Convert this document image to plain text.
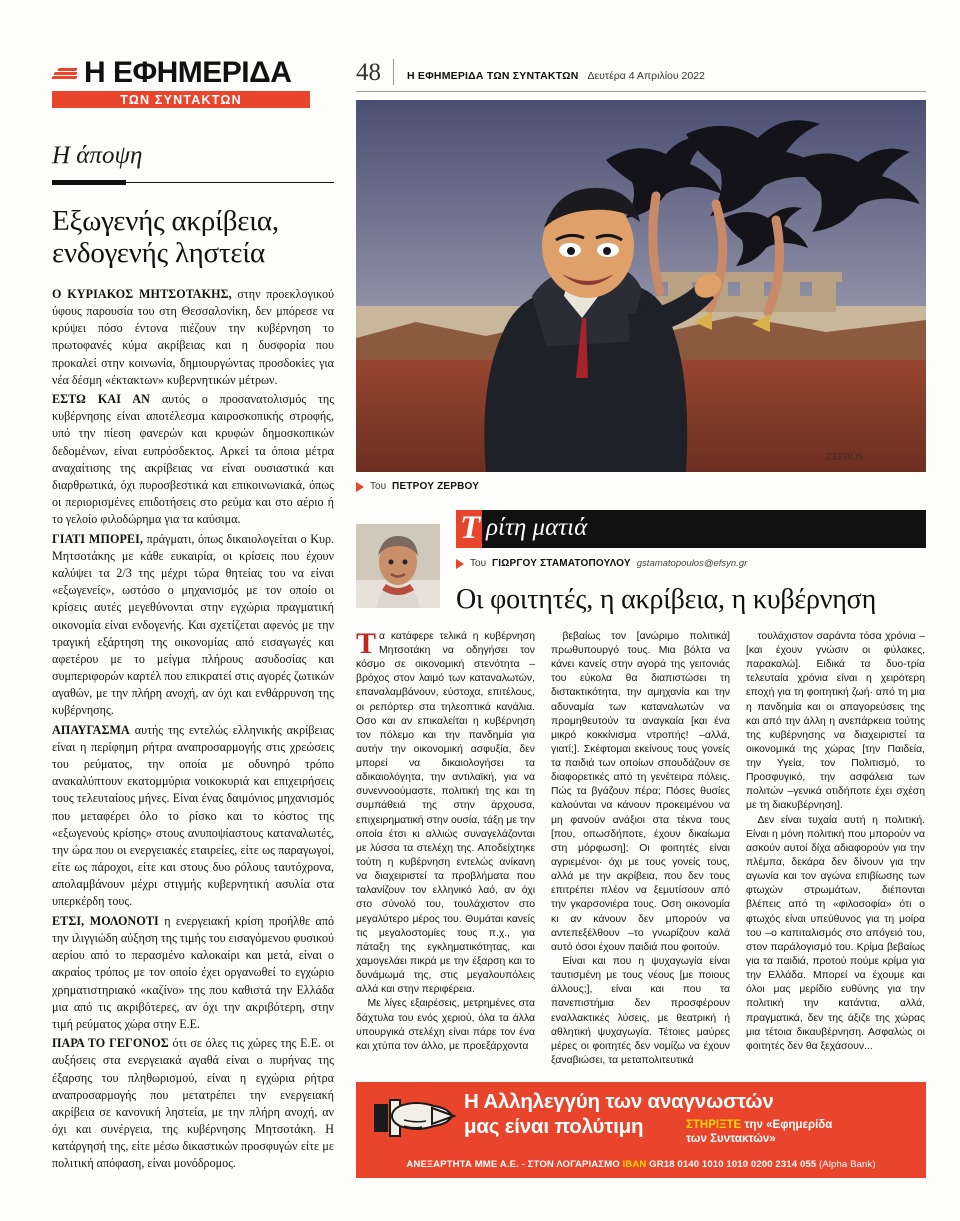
Η ΕΦΗΜΕΡΙΔΑ
ΤΩΝ ΣΥΝΤΑΚΤΩΝ
Η άποψη
Εξωγενής ακρίβεια,
ενδογενής ληστεία

Ο ΚΥΡΙΑΚΟΣ ΜΗΤΣΟΤΑΚΗΣ, στην προεκλογικού ύφους παρουσία του στη Θεσσαλονίκη, δεν μπόρεσε να κρύψει πόσο έντονα πιέζουν την κυβέρνηση το πρωτοφανές κύμα ακρίβειας και η δυσφορία που προκαλεί στην κοινωνία, δημιουργώντας προσδοκίες για νέα δέσμη «έκτακτων» κυβερνητικών μέτρων.

ΕΣΤΩ ΚΑΙ ΑΝ αυτός ο προσανατολισμός της κυβέρνησης είναι αποτέλεσμα καιροσκοπικής στροφής, υπό την πίεση φανερών και κρυφών δημοσκοπικών δεδομένων, είναι ευπρόσδεκτος. Αρκεί τα όποια μέτρα αναχαίτισης της ακρίβειας να είναι ουσιαστικά και διαρθρωτικά, όχι πυροσβεστικά και επικοινωνιακά, όπως οι περιορισμένες επιδοτήσεις στο ρεύμα και στο αέριο ή το γελοίο φιλοδώρημα για τα καύσιμα.

ΓΙΑΤΙ ΜΠΟΡΕΙ, πράγματι, όπως δικαιολογείται ο Κυρ. Μητσοτάκης με κάθε ευκαιρία, οι κρίσεις που έχουν καλύψει τα 2/3 της μέχρι τώρα θητείας του να είναι «εξωγενείς», ωστόσο ο μηχανισμός με τον οποίο οι κρίσεις αυτές μεγεθύνονται στην εγχώρια πραγματική οικονομία είναι ενδογενής. Και σχετίζεται αφενός με την τραγική εξάρτηση της οικονομίας από εισαγωγές και αφετέρου με το μείγμα πλήρους ασυδοσίας και συμπεριφορών καρτέλ που επικρατεί στις αγορές ζωτικών αγαθών, με την πλήρη ανοχή, αν όχι και ενθάρρυνση της κυβέρνησης.

ΑΠΑΥΓΑΣΜΑ αυτής της εντελώς ελληνικής ακρίβειας είναι η περίφημη ρήτρα αναπροσαρμογής στις χρεώσεις του ρεύματος, την οποία με οδυνηρό τρόπο ανακαλύπτουν εκατομμύρια νοικοκυριά και επιχειρήσεις τους τελευταίους μήνες. Είναι ένας δαιμόνιος μηχανισμός που μεταφέρει όλο το ρίσκο και το κόστος της «εξωγενούς κρίσης» στους ανυποψίαστους καταναλωτές, την ώρα που οι ενεργειακές εταιρείες, είτε ως παραγωγοί, είτε ως πάροχοι, είτε και στους δυο ρόλους ταυτόχρονα, απολαμβάνουν μέχρι στιγμής κυβερνητική ασυλία στα υπερκέρδη τους.

ΕΤΣΙ, ΜΟΛΟΝΟΤΙ η ενεργειακή κρίση προήλθε από την ιλιγγιώδη αύξηση της τιμής του εισαγόμενου φυσικού αερίου από το περασμένο καλοκαίρι και μετά, είναι ο ακραίος τρόπος με τον οποίο έχει οργανωθεί το εγχώριο χρηματιστηριακό «καζίνο» της που καθιστά την Ελλάδα μια από τις ακριβότερες, αν όχι την ακριβότερη, στην τιμή ρεύματος χώρα στην Ε.Ε.

ΠΑΡΑ ΤΟ ΓΕΓΟΝΟΣ ότι σε όλες τις χώρες της Ε.Ε. οι αυξήσεις στα ενεργειακά αγαθά είναι ο πυρήνας της έξαρσης του πληθωρισμού, είναι η εγχώρια ρήτρα αναπροσαρμογής που μετατρέπει την ενεργειακή ακρίβεια σε κανονική ληστεία, με την πλήρη ανοχή, αν όχι και συνέργεια, της κυβέρνησης Μητσοτάκη. Η κατάργησή της, είτε μέσω δικαστικών προσφυγών είτε με πολιτική απόφαση, είναι μονόδρομος.

48	Η ΕΦΗΜΕΡΙΔΑ ΤΩΝ ΣΥΝΤΑΚΤΩΝ Δευτέρα 4 Απριλίου 2022
ZEPBOS
Του ΠΕΤΡΟΥ ΖΕΡΒΟΥ
Τ ρίτη ματιά
Του ΓΙΩΡΓΟΥ ΣΤΑΜΑΤΟΠΟΥΛΟΥ gstamatopoulos@efsyn.gr
Οι φοιτητές, η ακρίβεια, η κυβέρνηση

Τα κατάφερε τελικά η κυβέρνηση Μητσοτάκη να οδηγήσει τον κόσμο σε οικονομική στενότητα –βρόχος στον λαιμό των καταναλωτών, επαναλαμβάνουν, εύστοχα, επιτέλους, οι ρεπόρτερ στα τηλεοπτικά κανάλια. Οσο και αν επικαλείται η κυβέρνηση τον πόλεμο και την πανδημία για αυτήν την οικονομική ασφυξία, δεν μπορεί να δικαιολογήσει τα αδικαιολόγητα, την αντιλαϊκή, για να συνεννοούμαστε, πολιτική της και τη συμπάθειά της στην άρχουσα, επιχειρηματική στην ουσία, τάξη με την οποία έτσι κι αλλιώς συναγελάζονται με λύσσα τα στελέχη της. Αποδείχτηκε τούτη η κυβέρνηση εντελώς ανίκανη να διαχειριστεί τα προβλήματα που ταλανίζουν τον ελληνικό λαό, αν όχι στο σύνολό του, τουλάχιστον στο μεγαλύτερο μέρος του. Θυμάται κανείς τις μεγαλοστομίες τους π.χ., για πάταξη της εγκληματικότητας, και χαμογελάει πικρά με την έξαρση και το δυνάμωμά της, στις μεγαλουπόλεις αλλά και στην περιφέρεια.

Με λίγες εξαιρέσεις, μετρημένες στα δάχτυλα του ενός χεριού, όλα τα άλλα υπουργικά στελέχη είναι πάρε τον ένα και χτύπα τον άλλο, με προεξάρχοντα

βεβαίως τον [ανώριμο πολιτικά] πρωθυπουργό τους. Μια βόλτα να κάνει κανείς στην αγορά της γειτονιάς του εύκολα θα διαπιστώσει τη διστακτικότητα, την αμηχανία και την αδυναμία των καταναλωτών να προμηθευτούν τα αναγκαία [και ένα μικρό κοκκίνισμα ντροπής! –αλλά, γιατί;]. Σκέφτομαι εκείνους τους γονείς τα παιδιά των οποίων σπουδάζουν σε διαφορετικές από τη γενέτειρα πόλεις. Πώς τα βγάζουν πέρα; Πόσες θυσίες καλούνται να κάνουν προκειμένου να μη φανούν ανάξιοι στα τέκνα τους [που, οπωσδήποτε, έχουν δικαίωμα στη μόρφωση]; Οι φοιτητές είναι αγριεμένοι· όχι με τους γονείς τους, αλλά με την ακρίβεια, που δεν τους επιτρέπει πλέον να ξεμυτίσουν από την γκαρσονιέρα τους. Οση οικονομία κι αν κάνουν δεν μπορούν να αντεπεξέλθουν –το γνωρίζουν καλά αυτό όσοι έχουν παιδιά που φοιτούν.

Είναι και που η ψυχαγωγία είναι ταυτισμένη με τους νέους [με ποιους άλλους;], είναι και που τα πανεπιστήμια δεν προσφέρουν εναλλακτικές λύσεις, με θεατρική ή αθλητική ψυχαγωγία. Τέτοιες μαύρες μέρες οι φοιτητές δεν νομίζω να έχουν ξαναβιώσει, τα μεταπολιτευτικά

τουλάχιστον σαράντα τόσα χρόνια –[και έχουν γνώσιν οι φύλακες, παρακαλώ]. Ειδικά τα δυο-τρία τελευταία χρόνια είναι η χειρότερη εποχή για τη φοιτητική ζωή· από τη μια η πανδημία και οι απαγορεύσεις της και από την άλλη η ανεπάρκεια τούτης της κυβέρνησης να διαχειριστεί τα οικονομικά της χώρας [την Παιδεία, την Υγεία, τον Πολιτισμό, το Προσφυγικό, την ασφάλεια των πολιτών –γενικά οτιδήποτε έχει σχέση με τη διακυβέρνηση].

Δεν είναι τυχαία αυτή η πολιτική. Είναι η μόνη πολιτική που μπορούν να ασκούν αυτοί δίχα αδιαφορούν για την πλέμπα, δεκάρα δεν δίνουν για την αγωνία και τον αγώνα επιβίωσης των φτωχών στρωμάτων, διέπονται βλέπεις από τη «φιλοσοφία» ότι ο φτωχός είναι υπεύθυνος για τη μοίρα του –ο καπιταλισμός στο απόγειό του, στον παράλογισμό του. Κρίμα βεβαίως για τα παιδιά, προτού πούμε κρίμα για την Ελλάδα. Μπορεί να έχουμε και όλοι μας μερίδιο ευθύνης για την πολιτική την κατάντια, αλλά, πραγματικά, δεν της άξιζε της χώρας μια τέτοια δικαυβέρνηση. Ασφαλώς οι φοιτητές δεν θα ξεχάσουν...

Η Αλληλεγγύη των αναγνωστών
μας είναι πολύτιμη	ΣΤΗΡΙΞΤΕ την «Εφημερίδα
των Συντακτών»
ΑΝΕΞΑΡΤΗΤΑ ΜΜΕ Α.Ε. - ΣΤΟΝ ΛΟΓΑΡΙΑΣΜΟ IBAN GR18 0140 1010 1010 0200 2314 055 (Alpha Bank)
